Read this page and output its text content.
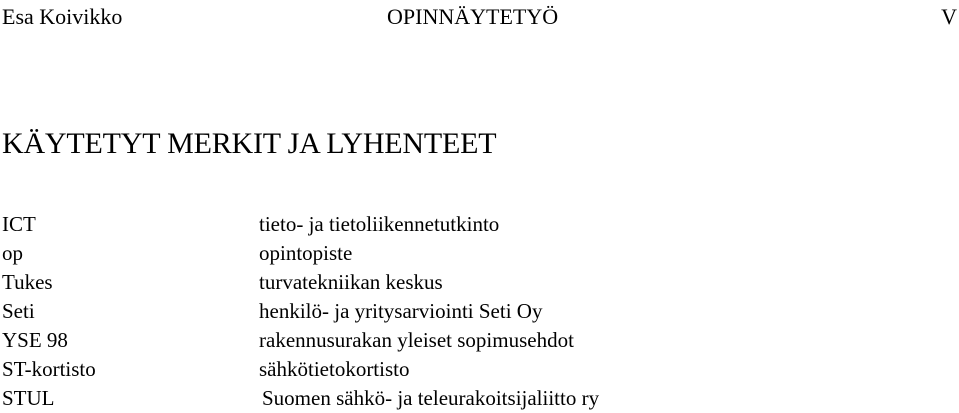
Esa Koivikko	OPINNÄYTETYÖ	V
KÄYTETYT MERKIT JA LYHENTEET
ICT	tieto- ja tietoliikennetutkinto
op	opintopiste
Tukes	turvatekniikan keskus
Seti	henkilö- ja yritysarviointi Seti Oy
YSE 98	rakennusurakan yleiset sopimusehdot
ST-kortisto	sähkötietokortisto
STUL	Suomen sähkö- ja teleurakoitsijaliitto ry
